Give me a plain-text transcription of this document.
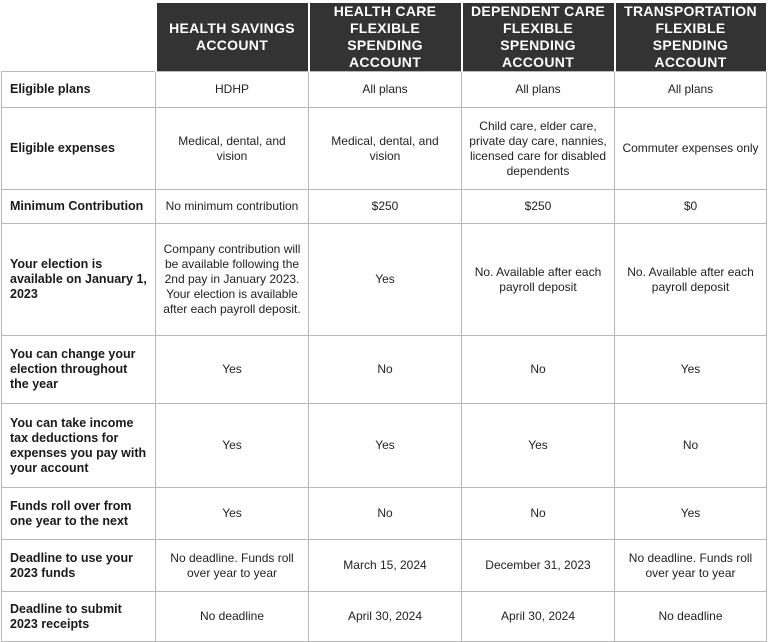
	HEALTH SAVINGS ACCOUNT	HEALTH CARE FLEXIBLE SPENDING ACCOUNT	DEPENDENT CARE FLEXIBLE SPENDING ACCOUNT	TRANSPORTATION FLEXIBLE SPENDING ACCOUNT
Eligible plans	HDHP	All plans	All plans	All plans
Eligible expenses	Medical, dental, and vision	Medical, dental, and vision	Child care, elder care, private day care, nannies, licensed care for disabled dependents	Commuter expenses only
Minimum Contribution	No minimum contribution	$250	$250	$0
Your election is available on January 1, 2023	Company contribution will be available following the 2nd pay in January 2023. Your election is available after each payroll deposit.	Yes	No. Available after each payroll deposit	No. Available after each payroll deposit
You can change your election throughout the year	Yes	No	No	Yes
You can take income tax deductions for expenses you pay with your account	Yes	Yes	Yes	No
Funds roll over from one year to the next	Yes	No	No	Yes
Deadline to use your 2023 funds	No deadline. Funds roll over year to year	March 15, 2024	December 31, 2023	No deadline. Funds roll over year to year
Deadline to submit 2023 receipts	No deadline	April 30, 2024	April 30, 2024	No deadline
